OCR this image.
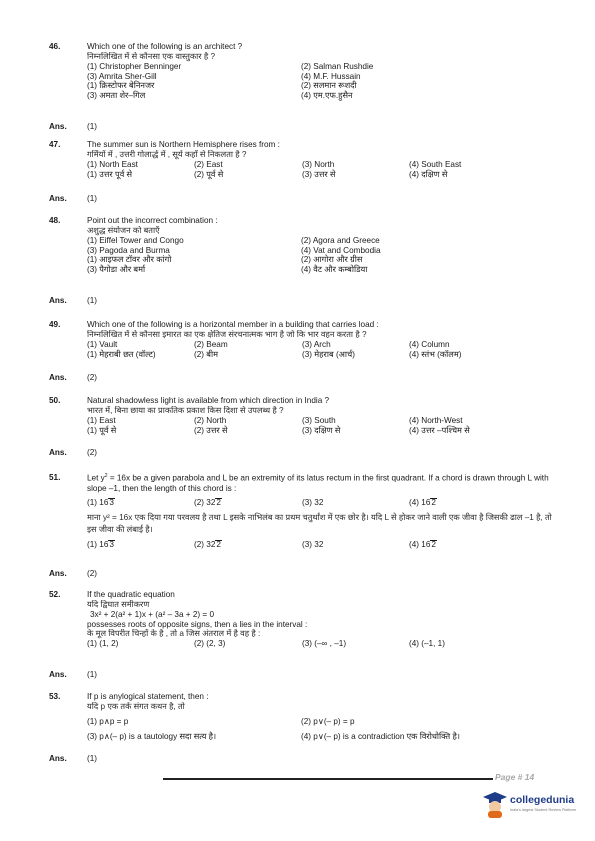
46.	Which one of the following is an architect ?
निम्नलिखित में से कौनसा एक वास्तुकार है ?
(1) Christopher Benninger	(2) Salman Rushdie
(3) Amrita Sher-Gill	(4) M.F. Hussain
(1) क्रिस्टोफर बेनिनजर	(2) सलमान रूशदी
(3) अमता शेर–गिल	(4) एम.एफ.हुसैन
Ans. (1)
47.	The summer sun is Northern Hemisphere rises from :
गर्मियों में , उत्तरी गोलार्द्ध में , सूर्य कहाँ से निकलता है ?
(1) North East	(2) East	(3) North	(4) South East
(1) उत्तर पूर्व से	(2) पूर्व से	(3) उत्तर से	(4) दक्षिण से
Ans. (1)
48.	Point out the incorrect combination :
अशुद्ध संयोजन को बताएँ
(1) Eiffel Tower and Congo	(2) Agora and Greece
(3) Pagoda and Burma	(4) Vat and Combodia
(1) आइफल टॉवर और कांगो	(2) आगोरा और ग्रीस
(3) पैगोडा और बर्मा	(4) वैट और कम्बोडिया
Ans. (1)
49.	Which one of the following is a horizontal member in a building that carries load :
निम्नलिखित में से कौनसा इमारत का एक क्षेतिज संरचनात्मक भाग है जो कि भार वहन करता है ?
(1) Vault	(2) Beam	(3) Arch	(4) Column
(1) मेहराबी छत (वॉल्ट)	(2) बीम	(3) मेहराब (आर्च)	(4) स्तंभ (कॉलम)
Ans. (2)
50.	Natural shadowless light is available from which direction in India ?
भारत में, बिना छाया का प्राकतिक प्रकाश किस दिशा से उपलब्ध है ?
(1) East	(2) North	(3) South	(4) North-West
(1) पूर्व से	(2) उत्तर से	(3) दक्षिण से	(4) उत्तर –पश्चिम से
Ans. (2)
51.	Let $y^2 = 16x$ be a given parabola and L be an extremity of its latus rectum in the first quadrant. If a chord is drawn through L with slope –1, then the length of this chord is :
(1) 163	(2) 322	(3) 32	(4) 162
माना y² = 16x एक दिया गया परवलय है तथा L इसके नाभिलंब का प्रथम चतुर्थांश में एक छोर है। यदि L से होकर जाने वाली एक जीवा है जिसकी ढाल –1 है, तो इस जीवा की लंबाई है।
(1) 163	(2) 322	(3) 32	(4) 162
Ans. (2)
52.	If the quadratic equation
यदि द्विघात समीकरण
3x² + 2(a² + 1)x + (a² – 3a + 2) = 0
possesses roots of opposite signs, then a lies in the interval :
के मूल विपरीत चिन्हों के है , तो a जिस अंतराल में है वह है :
(1) (1, 2)	(2) (2, 3)	(3) (–∞ , –1)	(4) (–1, 1)
Ans. (1)
53.	If p is anylogical statement, then :
यदि p एक तर्क संगत कथन है, तो
(1) p∧p = p	(2) p∨(– p) = p
(3) p∧(– p) is a tautology सदा सत्य है।	(4) p∨(– p) is a contradiction एक विरोधोक्ति है।
Ans. (1)
Page # 14
collegedunia
India's largest Student Review Platform
